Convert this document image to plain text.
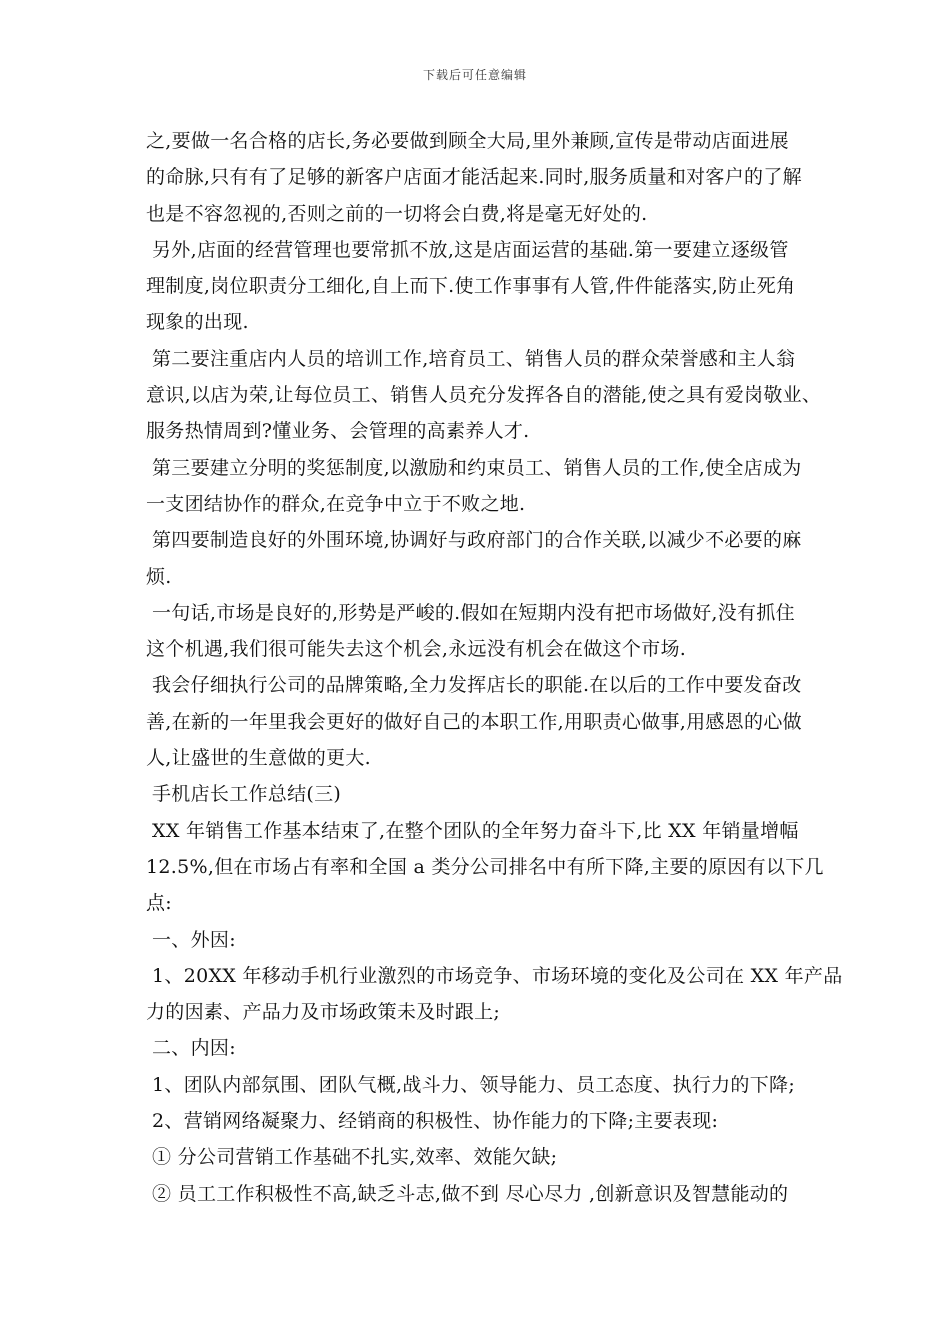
下载后可任意编辑
之,要做一名合格的店长,务必要做到顾全大局,里外兼顾,宣传是带动店面进展
的命脉,只有有了足够的新客户店面才能活起来.同时,服务质量和对客户的了解
也是不容忽视的,否则之前的一切将会白费,将是毫无好处的.
另外,店面的经营管理也要常抓不放,这是店面运营的基础.第一要建立逐级管
理制度,岗位职责分工细化,自上而下.使工作事事有人管,件件能落实,防止死角
现象的出现.
第二要注重店内人员的培训工作,培育员工、销售人员的群众荣誉感和主人翁
意识,以店为荣,让每位员工、销售人员充分发挥各自的潜能,使之具有爱岗敬业、
服务热情周到?懂业务、会管理的高素养人才.
第三要建立分明的奖惩制度,以激励和约束员工、销售人员的工作,使全店成为
一支团结协作的群众,在竞争中立于不败之地.
第四要制造良好的外围环境,协调好与政府部门的合作关联,以减少不必要的麻
烦.
一句话,市场是良好的,形势是严峻的.假如在短期内没有把市场做好,没有抓住
这个机遇,我们很可能失去这个机会,永远没有机会在做这个市场.
我会仔细执行公司的品牌策略,全力发挥店长的职能.在以后的工作中要发奋改
善,在新的一年里我会更好的做好自己的本职工作,用职责心做事,用感恩的心做
人,让盛世的生意做的更大.
手机店长工作总结(三)
XX 年销售工作基本结束了,在整个团队的全年努力奋斗下,比 XX 年销量增幅
12.5%,但在市场占有率和全国 a 类分公司排名中有所下降,主要的原因有以下几
点:
一、外因:
1、20XX 年移动手机行业激烈的市场竞争、市场环境的变化及公司在 XX 年产品
力的因素、产品力及市场政策未及时跟上;
二、内因:
1、团队内部氛围、团队气概,战斗力、领导能力、员工态度、执行力的下降;
2、营销网络凝聚力、经销商的积极性、协作能力的下降;主要表现:
① 分公司营销工作基础不扎实,效率、效能欠缺;
② 员工工作积极性不高,缺乏斗志,做不到 尽心尽力 ,创新意识及智慧能动的
